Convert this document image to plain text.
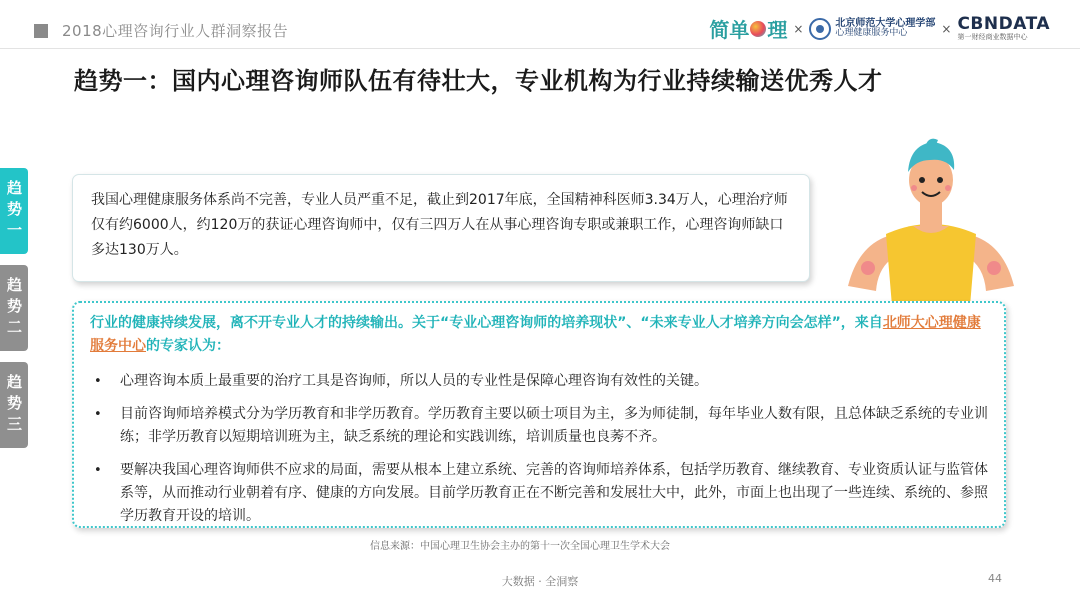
2018心理咨询行业人群洞察报告	简单 理 ×	北京师范大学心理学部
心理健康服务中心	× CBNDATA
第一财经商业数据中心
趋势一：国内心理咨询师队伍有待壮大，专业机构为行业持续输送优秀人才
趋势一
趋势二
趋势三

我国心理健康服务体系尚不完善，专业人员严重不足，截止到2017年底，全国精神科医师3.34万人，心理治疗师仅有约6000人，约120万的获证心理咨询师中，仅有三四万人在从事心理咨询专职或兼职工作，心理咨询师缺口多达130万人。

行业的健康持续发展，离不开专业人才的持续输出。关于“专业心理咨询师的培养现状”、“未来专业人才培养方向会怎样”，来自北师大心理健康服务中心的专家认为：

• 心理咨询本质上最重要的治疗工具是咨询师，所以人员的专业性是保障心理咨询有效性的关键。
• 目前咨询师培养模式分为学历教育和非学历教育。学历教育主要以硕士项目为主，多为师徒制，每年毕业人数有限，且总体缺乏系统的专业训练；非学历教育以短期培训班为主，缺乏系统的理论和实践训练，培训质量也良莠不齐。
• 要解决我国心理咨询师供不应求的局面，需要从根本上建立系统、完善的咨询师培养体系，包括学历教育、继续教育、专业资质认证与监管体系等，从而推动行业朝着有序、健康的方向发展。目前学历教育正在不断完善和发展壮大中，此外，市面上也出现了一些连续、系统的、参照学历教育开设的培训。
信息来源：中国心理卫生协会主办的第十一次全国心理卫生学术大会
大数据 · 全洞察	44
